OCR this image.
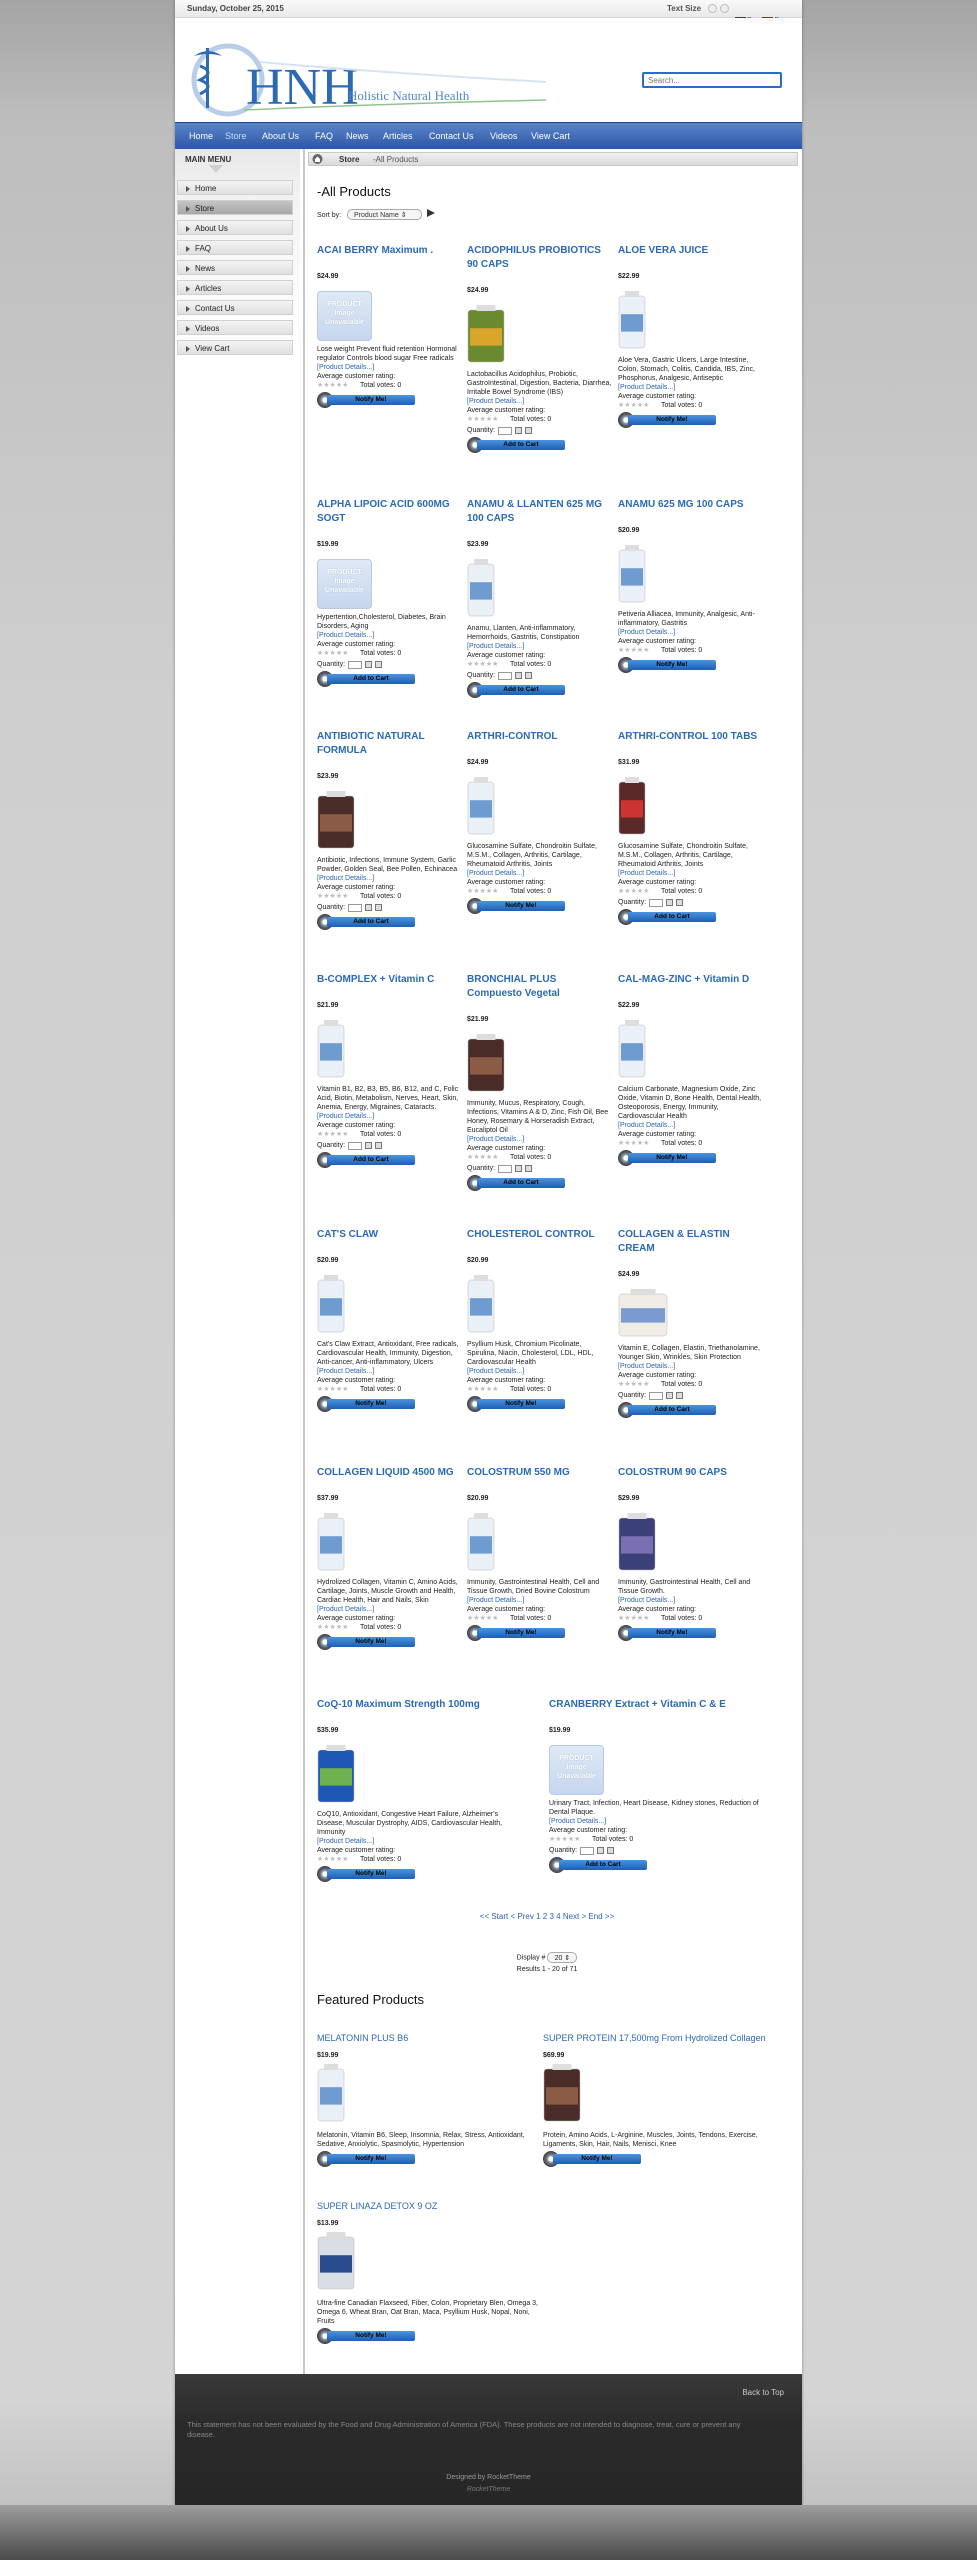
Sunday, October 25, 2015	Text Size
HNH
Holistic Natural Health
Search...
Home Store About Us FAQ News Articles Contact Us Videos View Cart
MAIN MENU
Home
Store
About Us
FAQ
News
Articles
Contact Us
Videos
View Cart
Store -All Products
-All Products
Sort by:	Product Name ⇕
ACAI BERRY Maximum .
$24.99
PRODUCT Image Unavailable
Lose weight Prevent fluid retention Hormonal regulator Controls blood sugar Free radicals
[Product Details...]
Average customer rating:
★★★★★ Total votes: 0
Notify Me!
ACIDOPHILUS PROBIOTICS 90 CAPS
$24.99
Lactobacillus Acidophilus, Probiotic, GastroIntestinal, Digestion, Bacteria, Diarrhea, Irritable Bowel Syndrome (IBS)
[Product Details...]
Average customer rating:
★★★★★ Total votes: 0
Quantity:
Add to Cart
ALOE VERA JUICE
$22.99
Aloe Vera, Gastric Ulcers, Large Intestine, Colon, Stomach, Colitis, Candida, IBS, Zinc, Phosphorus, Analgesic, Antiseptic
[Product Details...]
Average customer rating:
★★★★★ Total votes: 0
Notify Me!
ALPHA LIPOIC ACID 600MG SOGT
$19.99
PRODUCT Image Unavailable
Hypertention,Cholesterol, Diabetes, Brain Disorders, Aging
[Product Details...]
Average customer rating:
★★★★★ Total votes: 0
Quantity:
Add to Cart
ANAMU & LLANTEN 625 MG 100 CAPS
$23.99
Anamu, Llanten, Anti-inflammatory, Hemorrhoids, Gastritis, Constipation
[Product Details...]
Average customer rating:
★★★★★ Total votes: 0
Quantity:
Add to Cart
ANAMU 625 MG 100 CAPS
$20.99
Petiveria Alliacea, Immunity, Analgesic, Anti-inflammatory, Gastritis
[Product Details...]
Average customer rating:
★★★★★ Total votes: 0
Notify Me!
ANTIBIOTIC NATURAL FORMULA
$23.99
Antibiotic, Infections, Immune System, Garlic Powder, Golden Seal, Bee Pollen, Echinacea
[Product Details...]
Average customer rating:
★★★★★ Total votes: 0
Quantity:
Add to Cart
ARTHRI-CONTROL
$24.99
Glucosamine Sulfate, Chondroitin Sulfate, M.S.M., Collagen, Arthritis, Cartilage, Rheumatoid Arthritis, Joints
[Product Details...]
Average customer rating:
★★★★★ Total votes: 0
Notify Me!
ARTHRI-CONTROL 100 TABS
$31.99
Glucosamine Sulfate, Chondroitin Sulfate, M.S.M., Collagen, Arthritis, Cartilage, Rheumatoid Arthritis, Joints
[Product Details...]
Average customer rating:
★★★★★ Total votes: 0
Quantity:
Add to Cart
B-COMPLEX + Vitamin C
$21.99
Vitamin B1, B2, B3, B5, B6, B12, and C, Folic Acid, Biotin, Metabolism, Nerves, Heart, Skin, Anemia, Energy, Migraines, Cataracts.
[Product Details...]
Average customer rating:
★★★★★ Total votes: 0
Quantity:
Add to Cart
BRONCHIAL PLUS Compuesto Vegetal
$21.99
Immunity, Mucus, Respiratory, Cough, Infections, Vitamins A & D, Zinc, Fish Oil, Bee Honey, Rosemary & Horseradish Extract, Eucaliptol Oil
[Product Details...]
Average customer rating:
★★★★★ Total votes: 0
Quantity:
Add to Cart
CAL-MAG-ZINC + Vitamin D
$22.99
Calcium Carbonate, Magnesium Oxide, Zinc Oxide, Vitamin D, Bone Health, Dental Health, Osteoporosis, Energy, Immunity, Cardiovascular Health
[Product Details...]
Average customer rating:
★★★★★ Total votes: 0
Notify Me!
CAT'S CLAW
$20.99
Cat's Claw Extract, Antioxidant, Free radicals, Cardiovascular Health, Immunity, Digestion, Anti-cancer, Anti-inflammatory, Ulcers
[Product Details...]
Average customer rating:
★★★★★ Total votes: 0
Notify Me!
CHOLESTEROL CONTROL
$20.99
Psyllium Husk, Chromium Picolinate, Spirulina, Niacin, Cholesterol, LDL, HDL, Cardiovascular Health
[Product Details...]
Average customer rating:
★★★★★ Total votes: 0
Notify Me!
COLLAGEN & ELASTIN CREAM
$24.99
Vitamin E, Collagen, Elastin, Triethanolamine, Younger Skin, Wrinkles, Skin Protection
[Product Details...]
Average customer rating:
★★★★★ Total votes: 0
Quantity:
Add to Cart
COLLAGEN LIQUID 4500 MG
$37.99
Hydrolized Collagen, Vitamin C, Amino Acids, Cartilage, Joints, Muscle Growth and Health, Cardiac Health, Hair and Nails, Skin
[Product Details...]
Average customer rating:
★★★★★ Total votes: 0
Notify Me!
COLOSTRUM 550 MG
$20.99
Immunity, Gastrointestinal Health, Cell and Tissue Growth, Dried Bovine Colostrum
[Product Details...]
Average customer rating:
★★★★★ Total votes: 0
Notify Me!
COLOSTRUM 90 CAPS
$29.99
Immunity, Gastrointestinal Health, Cell and Tissue Growth.
[Product Details...]
Average customer rating:
★★★★★ Total votes: 0
Notify Me!
CoQ-10 Maximum Strength 100mg
$35.99
CoQ10, Antioxidant, Congestive Heart Failure, Alzheimer's Disease, Muscular Dystrophy, AIDS, Cardiovascular Health, Immunity
[Product Details...]
Average customer rating:
★★★★★ Total votes: 0
Notify Me!
CRANBERRY Extract + Vitamin C & E
$19.99
PRODUCT Image Unavailable
Urinary Tract, Infection, Heart Disease, Kidney stones, Reduction of Dental Plaque.
[Product Details...]
Average customer rating:
★★★★★ Total votes: 0
Quantity:
Add to Cart
<< Start < Prev 1 2 3 4 Next > End >>
Display # 20 ⇕
Results 1 - 20 of 71
Featured Products
MELATONIN PLUS B6
$19.99
Melatonin, Vitamin B6, Sleep, Insomnia, Relax, Stress, Antioxidant, Sedative, Anxiolytic, Spasmolytic, Hypertension
Notify Me!
SUPER PROTEIN 17,500mg From Hydrolized Collagen
$69.99
Protein, Amino Acids, L-Arginine, Muscles, Joints, Tendons, Exercise, Ligaments, Skin, Hair, Nails, Menisci, Knee
Notify Me!
SUPER LINAZA DETOX 9 OZ
$13.99
Ultra-fine Canadian Flaxseed, Fiber, Colon, Proprietary Blen, Omega 3, Omega 6, Wheat Bran, Oat Bran, Maca, Psyllium Husk, Nopal, Noni, Fruits
Notify Me!
Back to Top
This statement has not been evaluated by the Food and Drug Administration of America (FDA). These products are not intended to diagnose, treat, cure or prevent any disease.
Designed by RocketTheme
RocketTheme
